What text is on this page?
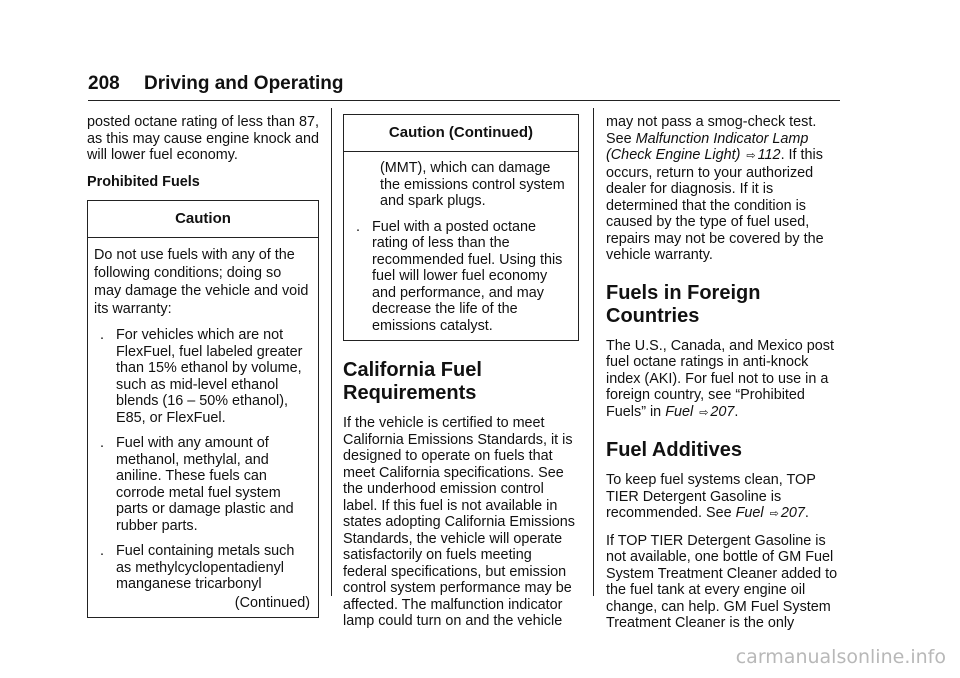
208 Driving and Operating

posted octane rating of less than 87, as this may cause engine knock and will lower fuel economy.

Prohibited Fuels

Caution
Do not use fuels with any of the following conditions; doing so may damage the vehicle and void its warranty:
. For vehicles which are not FlexFuel, fuel labeled greater than 15% ethanol by volume, such as mid-level ethanol blends (16 – 50% ethanol), E85, or FlexFuel.
. Fuel with any amount of methanol, methylal, and aniline. These fuels can corrode metal fuel system parts or damage plastic and rubber parts.
. Fuel containing metals such as methylcyclopentadienyl manganese tricarbonyl
(Continued)
Caution (Continued)
(MMT), which can damage the emissions control system and spark plugs.
. Fuel with a posted octane rating of less than the recommended fuel. Using this fuel will lower fuel economy and performance, and may decrease the life of the emissions catalyst.
California Fuel Requirements

If the vehicle is certified to meet California Emissions Standards, it is designed to operate on fuels that meet California specifications. See the underhood emission control label. If this fuel is not available in states adopting California Emissions Standards, the vehicle will operate satisfactorily on fuels meeting federal specifications, but emission control system performance may be affected. The malfunction indicator lamp could turn on and the vehicle

may not pass a smog-check test. See Malfunction Indicator Lamp (Check Engine Light) ⇨ 112. If this occurs, return to your authorized dealer for diagnosis. If it is determined that the condition is caused by the type of fuel used, repairs may not be covered by the vehicle warranty.

Fuels in Foreign Countries

The U.S., Canada, and Mexico post fuel octane ratings in anti-knock index (AKI). For fuel not to use in a foreign country, see “Prohibited Fuels” in Fuel ⇨ 207.

Fuel Additives

To keep fuel systems clean, TOP TIER Detergent Gasoline is recommended. See Fuel ⇨ 207.

If TOP TIER Detergent Gasoline is not available, one bottle of GM Fuel System Treatment Cleaner added to the fuel tank at every engine oil change, can help. GM Fuel System Treatment Cleaner is the only

carmanualsonline.info
